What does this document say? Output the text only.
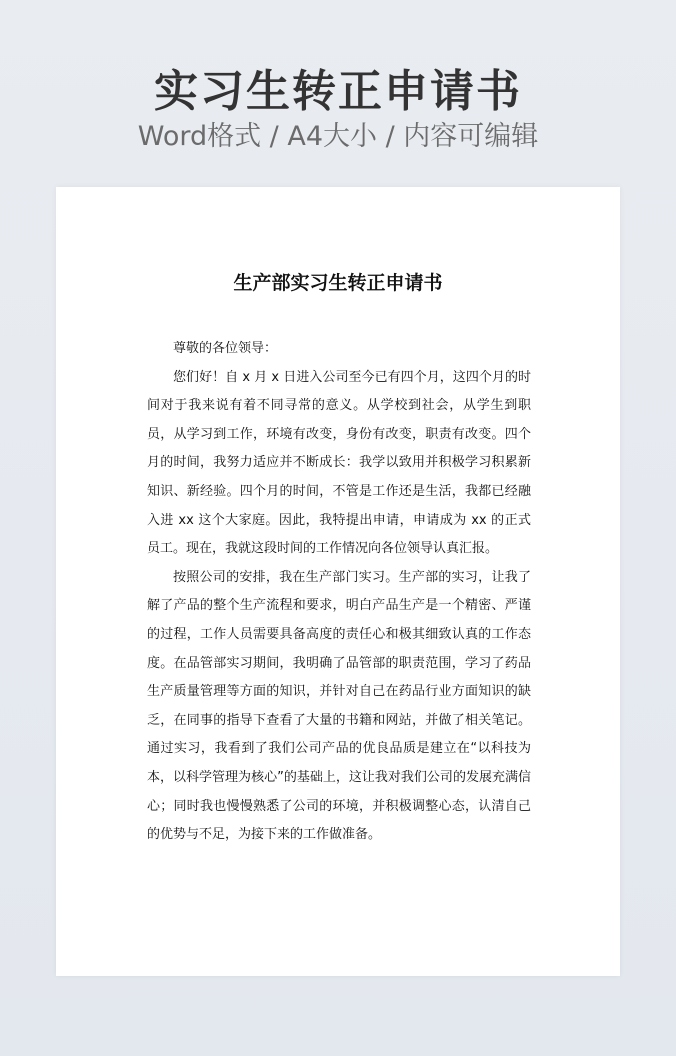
实习生转正申请书
Word格式 / A4大小 / 内容可编辑
生产部实习生转正申请书

尊敬的各位领导：

您们好！自 x 月 x 日进入公司至今已有四个月，这四个月的时间对于我来说有着不同寻常的意义。从学校到社会，从学生到职员，从学习到工作，环境有改变，身份有改变，职责有改变。四个月的时间，我努力适应并不断成长：我学以致用并积极学习积累新知识、新经验。四个月的时间，不管是工作还是生活，我都已经融入进 xx 这个大家庭。因此，我特提出申请，申请成为 xx 的正式员工。现在，我就这段时间的工作情况向各位领导认真汇报。

按照公司的安排，我在生产部门实习。生产部的实习，让我了解了产品的整个生产流程和要求，明白产品生产是一个精密、严谨的过程，工作人员需要具备高度的责任心和极其细致认真的工作态度。在品管部实习期间，我明确了品管部的职责范围，学习了药品生产质量管理等方面的知识，并针对自己在药品行业方面知识的缺乏，在同事的指导下查看了大量的书籍和网站，并做了相关笔记。通过实习，我看到了我们公司产品的优良品质是建立在“以科技为本，以科学管理为核心”的基础上，这让我对我们公司的发展充满信心；同时我也慢慢熟悉了公司的环境，并积极调整心态，认清自己的优势与不足，为接下来的工作做准备。
